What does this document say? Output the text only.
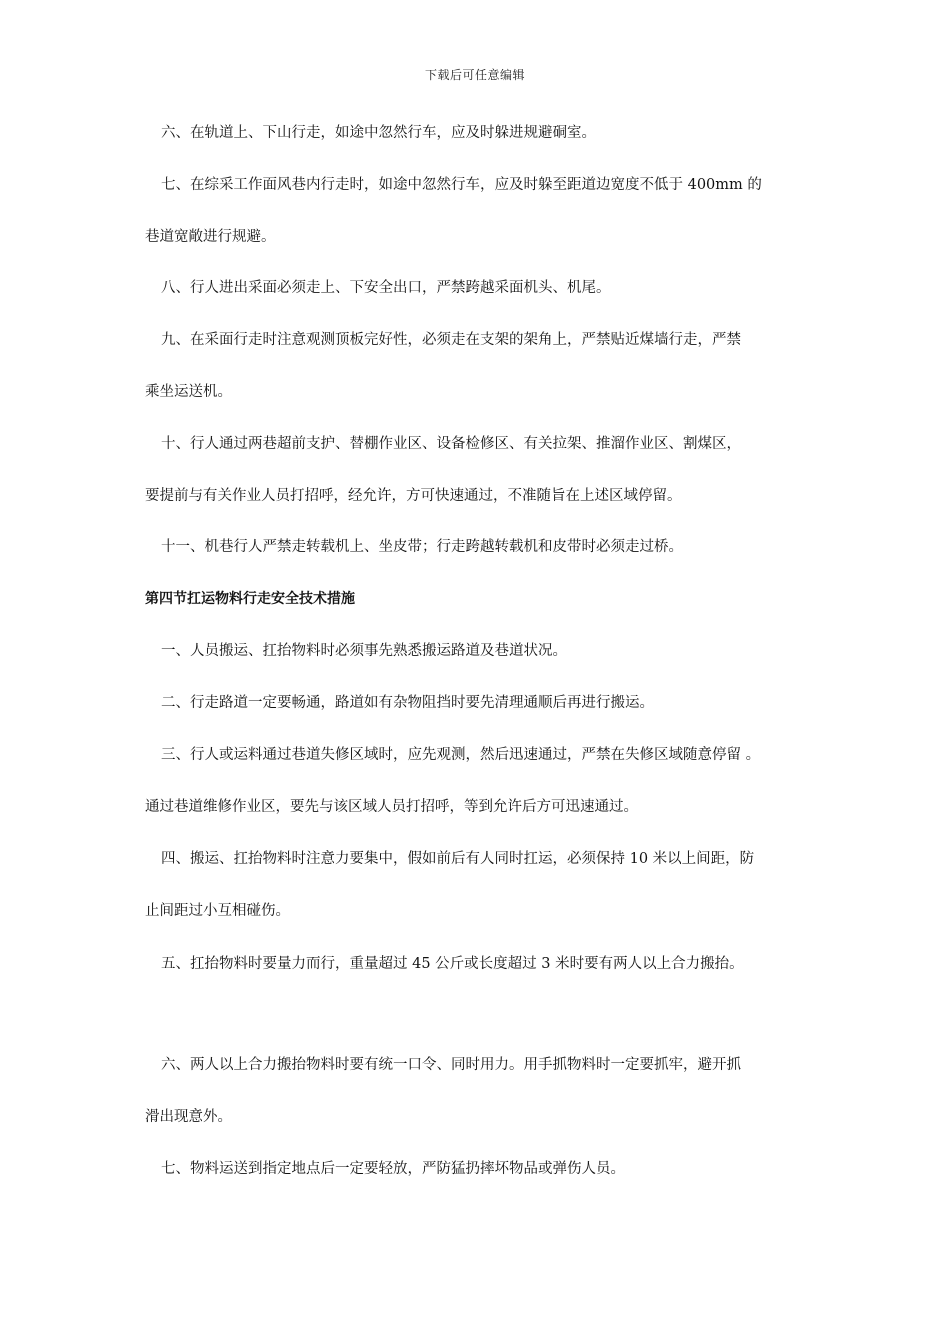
下载后可任意编辑
六、在轨道上、下山行走，如途中忽然行车，应及时躲进规避硐室。
七、在综采工作面风巷内行走时，如途中忽然行车，应及时躲至距道边宽度不低于 400mm 的
巷道宽敞进行规避。
八、行人进出采面必须走上、下安全出口，严禁跨越采面机头、机尾。
九、在采面行走时注意观测顶板完好性，必须走在支架的架角上，严禁贴近煤墙行走，严禁
乘坐运送机。
十、行人通过两巷超前支护、替棚作业区、设备检修区、有关拉架、推溜作业区、割煤区，
要提前与有关作业人员打招呼，经允许，方可快速通过，不准随旨在上述区域停留。
十一、机巷行人严禁走转载机上、坐皮带；行走跨越转载机和皮带时必须走过桥。
第四节扛运物料行走安全技术措施
一、人员搬运、扛抬物料时必须事先熟悉搬运路道及巷道状况。
二、行走路道一定要畅通，路道如有杂物阻挡时要先清理通顺后再进行搬运。
三、行人或运料通过巷道失修区域时，应先观测，然后迅速通过，严禁在失修区域随意停留 。
通过巷道维修作业区，要先与该区域人员打招呼，等到允许后方可迅速通过。
四、搬运、扛抬物料时注意力要集中，假如前后有人同时扛运，必须保持 10 米以上间距，防
止间距过小互相碰伤。
五、扛抬物料时要量力而行，重量超过 45 公斤或长度超过 3 米时要有两人以上合力搬抬。
六、两人以上合力搬抬物料时要有统一口令、同时用力。用手抓物料时一定要抓牢，避开抓
滑出现意外。
七、物料运送到指定地点后一定要轻放，严防猛扔摔坏物品或弹伤人员。
